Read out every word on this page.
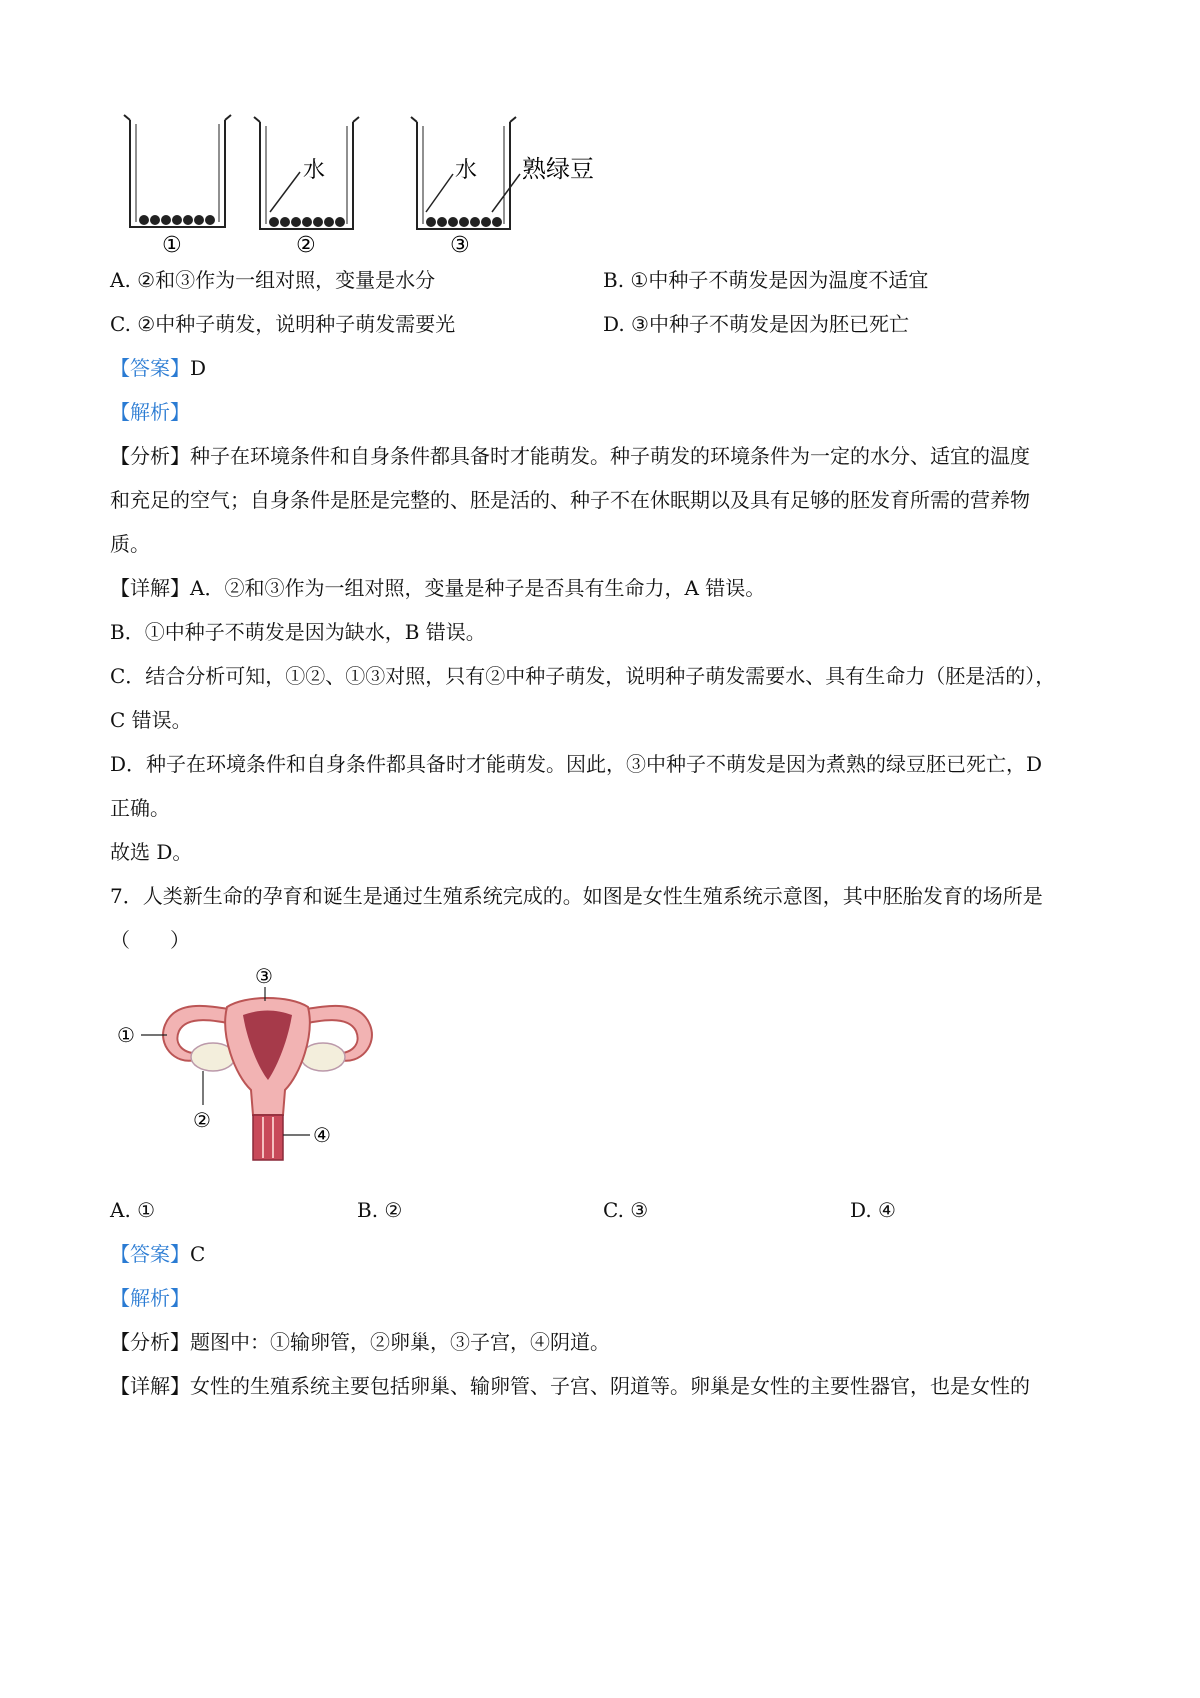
①
水
②
水 熟绿豆
③
A. ②和③作为一组对照，变量是水分	B. ①中种子不萌发是因为温度不适宜
C. ②中种子萌发，说明种子萌发需要光	D. ③中种子不萌发是因为胚已死亡
【答案】D
【解析】
【分析】种子在环境条件和自身条件都具备时才能萌发。种子萌发的环境条件为一定的水分、适宜的温度
和充足的空气；自身条件是胚是完整的、胚是活的、种子不在休眠期以及具有足够的胚发育所需的营养物
质。
【详解】A．②和③作为一组对照，变量是种子是否具有生命力，A 错误。
B．①中种子不萌发是因为缺水，B 错误。
C．结合分析可知，①②、①③对照，只有②中种子萌发，说明种子萌发需要水、具有生命力（胚是活的），
C 错误。
D．种子在环境条件和自身条件都具备时才能萌发。因此，③中种子不萌发是因为煮熟的绿豆胚已死亡，D
正确。
故选 D。
7．人类新生命的孕育和诞生是通过生殖系统完成的。如图是女性生殖系统示意图，其中胚胎发育的场所是
（　　）
③
①
②
④
A. ①	B. ②	C. ③	D. ④
【答案】C
【解析】
【分析】题图中：①输卵管，②卵巢，③子宫，④阴道。
【详解】女性的生殖系统主要包括卵巢、输卵管、子宫、阴道等。卵巢是女性的主要性器官，也是女性的
